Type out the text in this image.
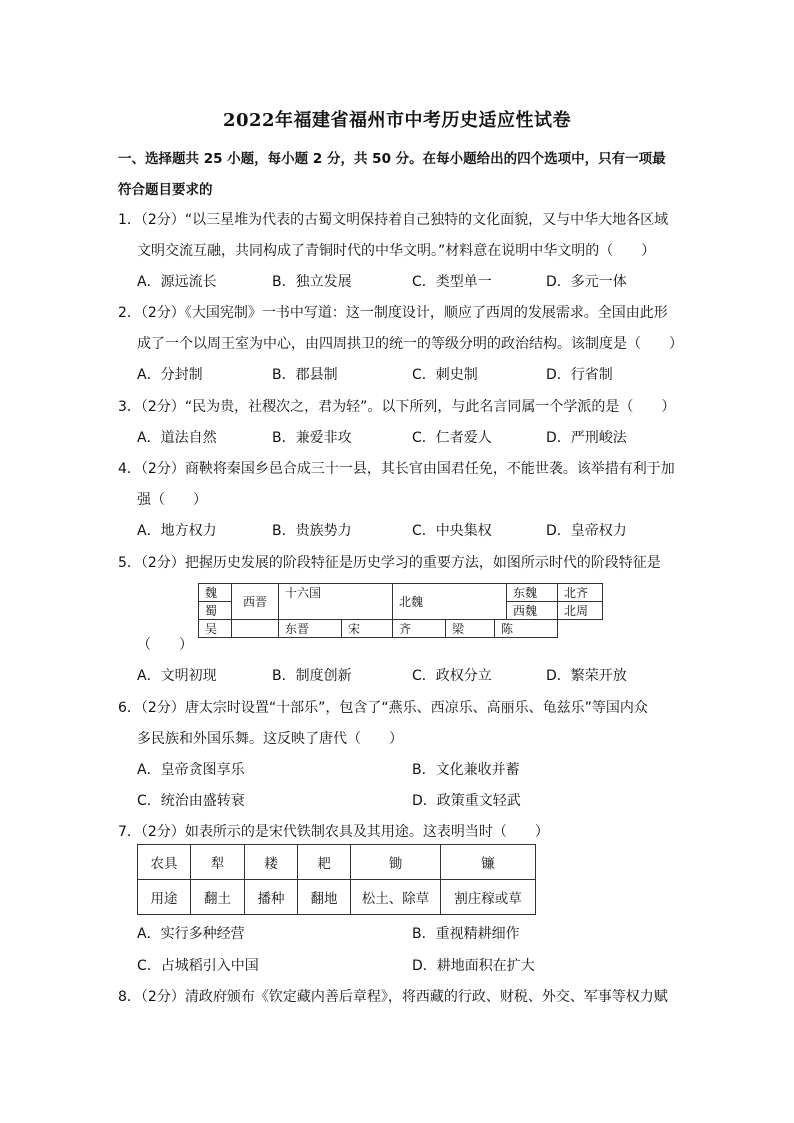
2022年福建省福州市中考历史适应性试卷
一、选择题共 25 小题，每小题 2 分，共 50 分。在每小题给出的四个选项中，只有一项最
符合题目要求的
1．（2分）“以三星堆为代表的古蜀文明保持着自己独特的文化面貌，又与中华大地各区域
文明交流互融，共同构成了青铜时代的中华文明。”材料意在说明中华文明的（　　）
A．源远流长	B．独立发展	C．类型单一	D．多元一体
2．（2分）《大国宪制》一书中写道：这一制度设计，顺应了西周的发展需求。全国由此形
成了一个以周王室为中心，由四周拱卫的统一的等级分明的政治结构。该制度是（　　）
A．分封制	B．郡县制	C．刺史制	D．行省制
3．（2分）“民为贵，社稷次之，君为轻”。以下所列，与此名言同属一个学派的是（　　）
A．道法自然	B．兼爱非攻	C．仁者爱人	D．严刑峻法
4．（2分）商鞅将秦国乡邑合成三十一县，其长官由国君任免，不能世袭。该举措有利于加
强（　　）
A．地方权力	B．贵族势力	C．中央集权	D．皇帝权力
5．（2分）把握历史发展的阶段特征是历史学习的重要方法，如图所示时代的阶段特征是
魏	西晋	十六国		北魏			东魏	北齐
蜀							西魏	北周
吴		东晋	宋	齐	梁	陈		
（　　）
A．文明初现	B．制度创新	C．政权分立	D．繁荣开放
6．（2分）唐太宗时设置“十部乐”，包含了“燕乐、西凉乐、高丽乐、龟兹乐”等国内众
多民族和外国乐舞。这反映了唐代（　　）
A．皇帝贪图享乐	B．文化兼收并蓄
C．统治由盛转衰	D．政策重文轻武
7．（2分）如表所示的是宋代铁制农具及其用途。这表明当时（　　）
农具	犁	耧	耙	锄	镰
用途	翻土	播种	翻地	松土、除草	割庄稼或草
A．实行多种经营	B．重视精耕细作
C．占城稻引入中国	D．耕地面积在扩大
8．（2分）清政府颁布《钦定藏内善后章程》，将西藏的行政、财税、外交、军事等权力赋
